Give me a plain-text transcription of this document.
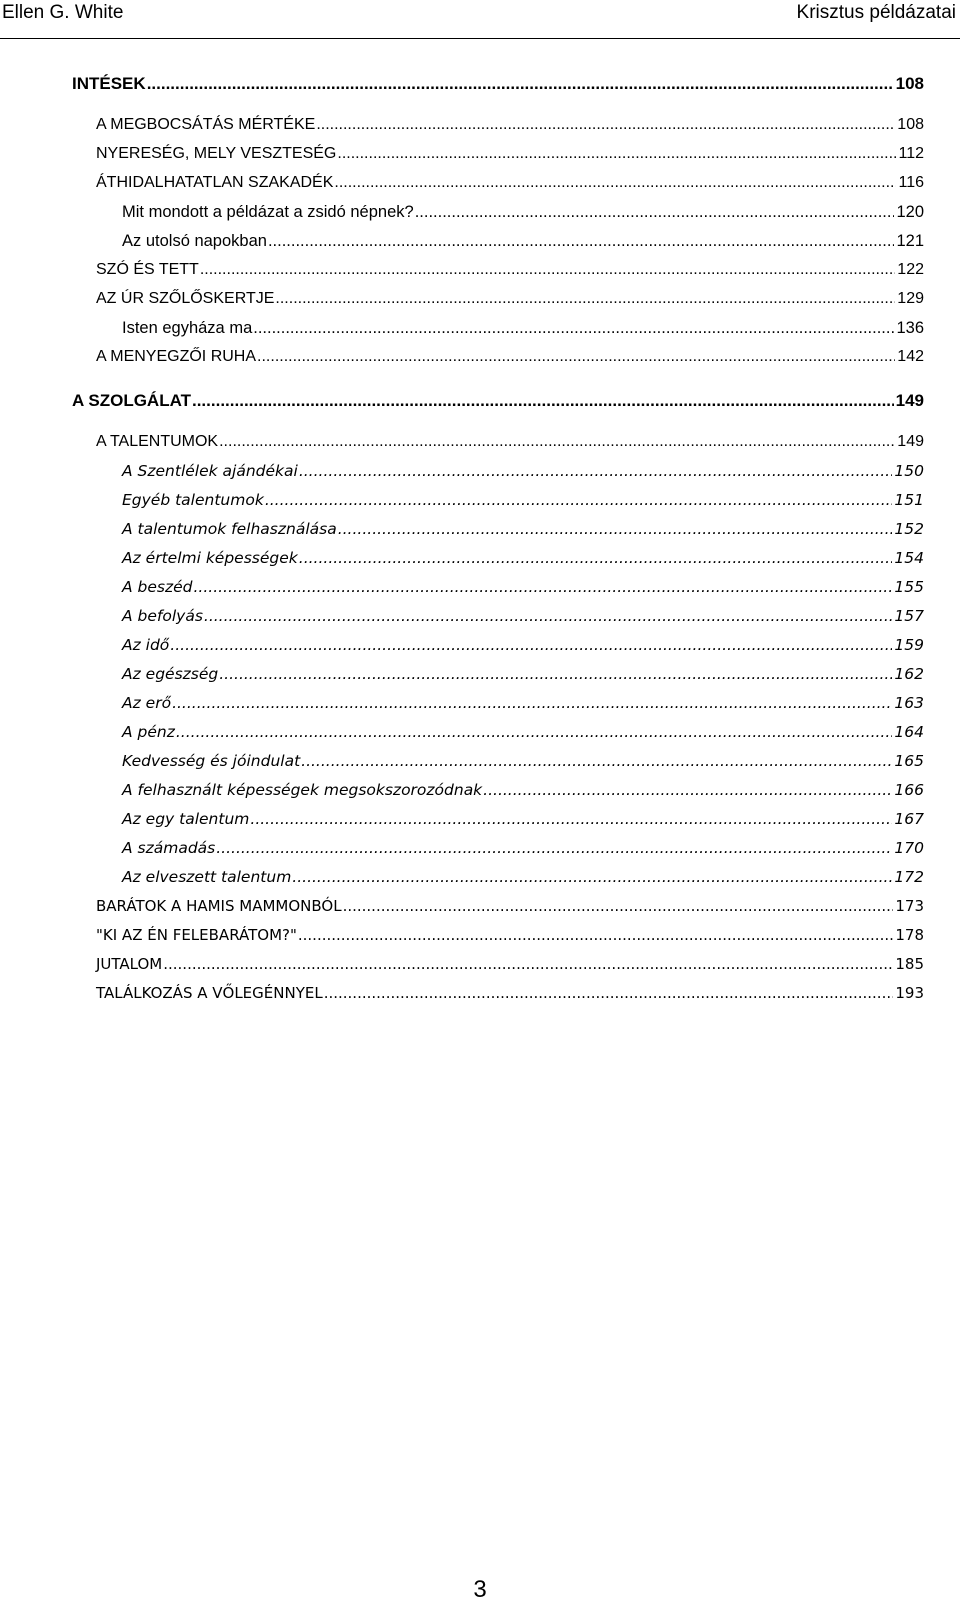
Ellen G. White	Krisztus példázatai
INTÉSEK .....	108
A MEGBOCSÁTÁS MÉRTÉKE .....	108
NYERESÉG, MELY VESZTESÉG .....	112
ÁTHIDALHATATLAN SZAKADÉK .....	116
Mit mondott a példázat a zsidó népnek? .....	120
Az utolsó napokban .....	121
SZÓ ÉS TETT .....	122
AZ ÚR SZŐLŐSKERTJE .....	129
Isten egyháza ma .....	136
A MENYEGZŐI RUHA .....	142
A SZOLGÁLAT .....	149
A TALENTUMOK .....	149
A Szentlélek ajándékai .....	150
Egyéb talentumok .....	151
A talentumok felhasználása .....	152
Az értelmi képességek .....	154
A beszéd .....	155
A befolyás .....	157
Az idő .....	159
Az egészség .....	162
Az erő .....	163
A pénz .....	164
Kedvesség és jóindulat .....	165
A felhasznált képességek megsokszorozódnak .....	166
Az egy talentum .....	167
A számadás .....	170
Az elveszett talentum .....	172
BARÁTOK A HAMIS MAMMONBÓL .....	173
"KI AZ ÉN FELEBARÁTOM?" .....	178
JUTALOM .....	185
TALÁLKOZÁS A VŐLEGÉNNYEL .....	193
3
